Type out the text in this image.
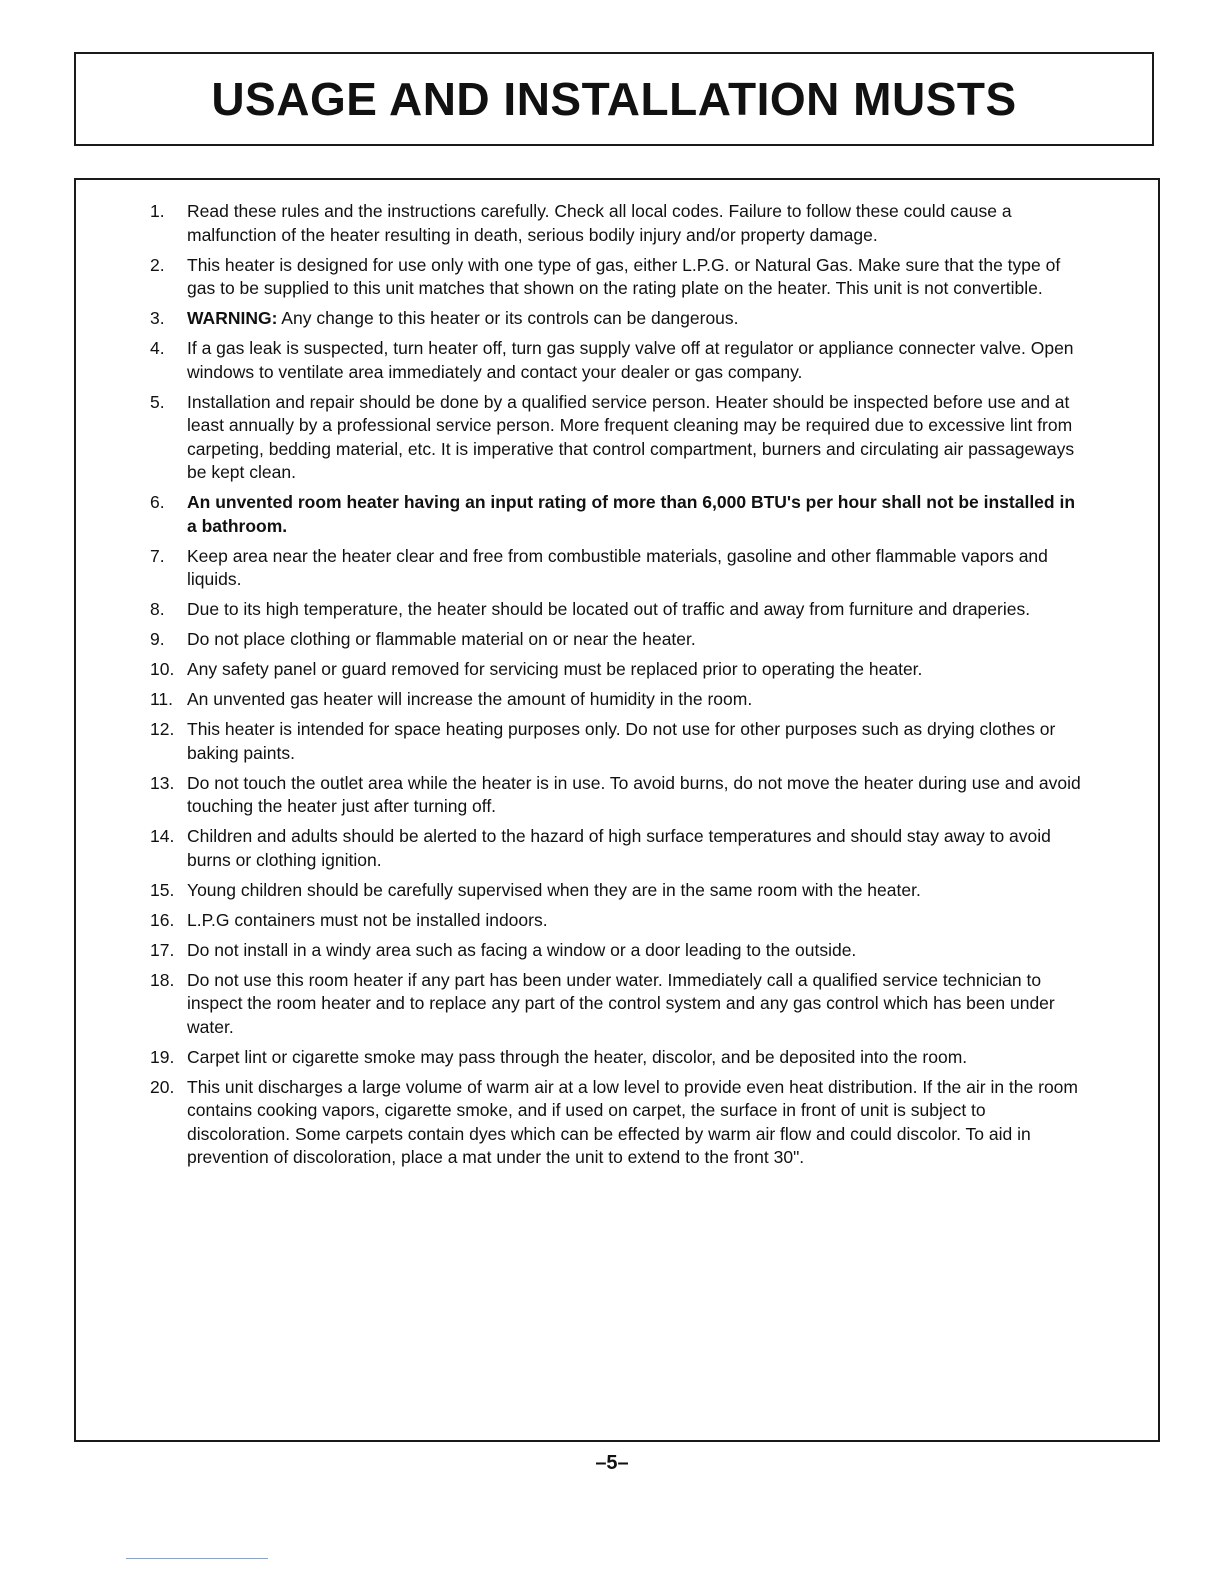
USAGE AND INSTALLATION MUSTS
1. Read these rules and the instructions carefully. Check all local codes. Failure to follow these could cause a malfunction of the heater resulting in death, serious bodily injury and/or property damage.
2. This heater is designed for use only with one type of gas, either L.P.G. or Natural Gas. Make sure that the type of gas to be supplied to this unit matches that shown on the rating plate on the heater. This unit is not convertible.
3. WARNING: Any change to this heater or its controls can be dangerous.
4. If a gas leak is suspected, turn heater off, turn gas supply valve off at regulator or appliance connecter valve. Open windows to ventilate area immediately and contact your dealer or gas company.
5. Installation and repair should be done by a qualified service person. Heater should be inspected before use and at least annually by a professional service person. More frequent cleaning may be required due to excessive lint from carpeting, bedding material, etc. It is imperative that control compartment, burners and circulating air passageways be kept clean.
6. An unvented room heater having an input rating of more than 6,000 BTU's per hour shall not be installed in a bathroom.
7. Keep area near the heater clear and free from combustible materials, gasoline and other flammable vapors and liquids.
8. Due to its high temperature, the heater should be located out of traffic and away from furniture and draperies.
9. Do not place clothing or flammable material on or near the heater.
10. Any safety panel or guard removed for servicing must be replaced prior to operating the heater.
11. An unvented gas heater will increase the amount of humidity in the room.
12. This heater is intended for space heating purposes only. Do not use for other purposes such as drying clothes or baking paints.
13. Do not touch the outlet area while the heater is in use. To avoid burns, do not move the heater during use and avoid touching the heater just after turning off.
14. Children and adults should be alerted to the hazard of high surface temperatures and should stay away to avoid burns or clothing ignition.
15. Young children should be carefully supervised when they are in the same room with the heater.
16. L.P.G containers must not be installed indoors.
17. Do not install in a windy area such as facing a window or a door leading to the outside.
18. Do not use this room heater if any part has been under water. Immediately call a qualified service technician to inspect the room heater and to replace any part of the control system and any gas control which has been under water.
19. Carpet lint or cigarette smoke may pass through the heater, discolor, and be deposited into the room.
20. This unit discharges a large volume of warm air at a low level to provide even heat distribution. If the air in the room contains cooking vapors, cigarette smoke, and if used on carpet, the surface in front of unit is subject to discoloration. Some carpets contain dyes which can be effected by warm air flow and could discolor. To aid in prevention of discoloration, place a mat under the unit to extend to the front 30".
–5–
